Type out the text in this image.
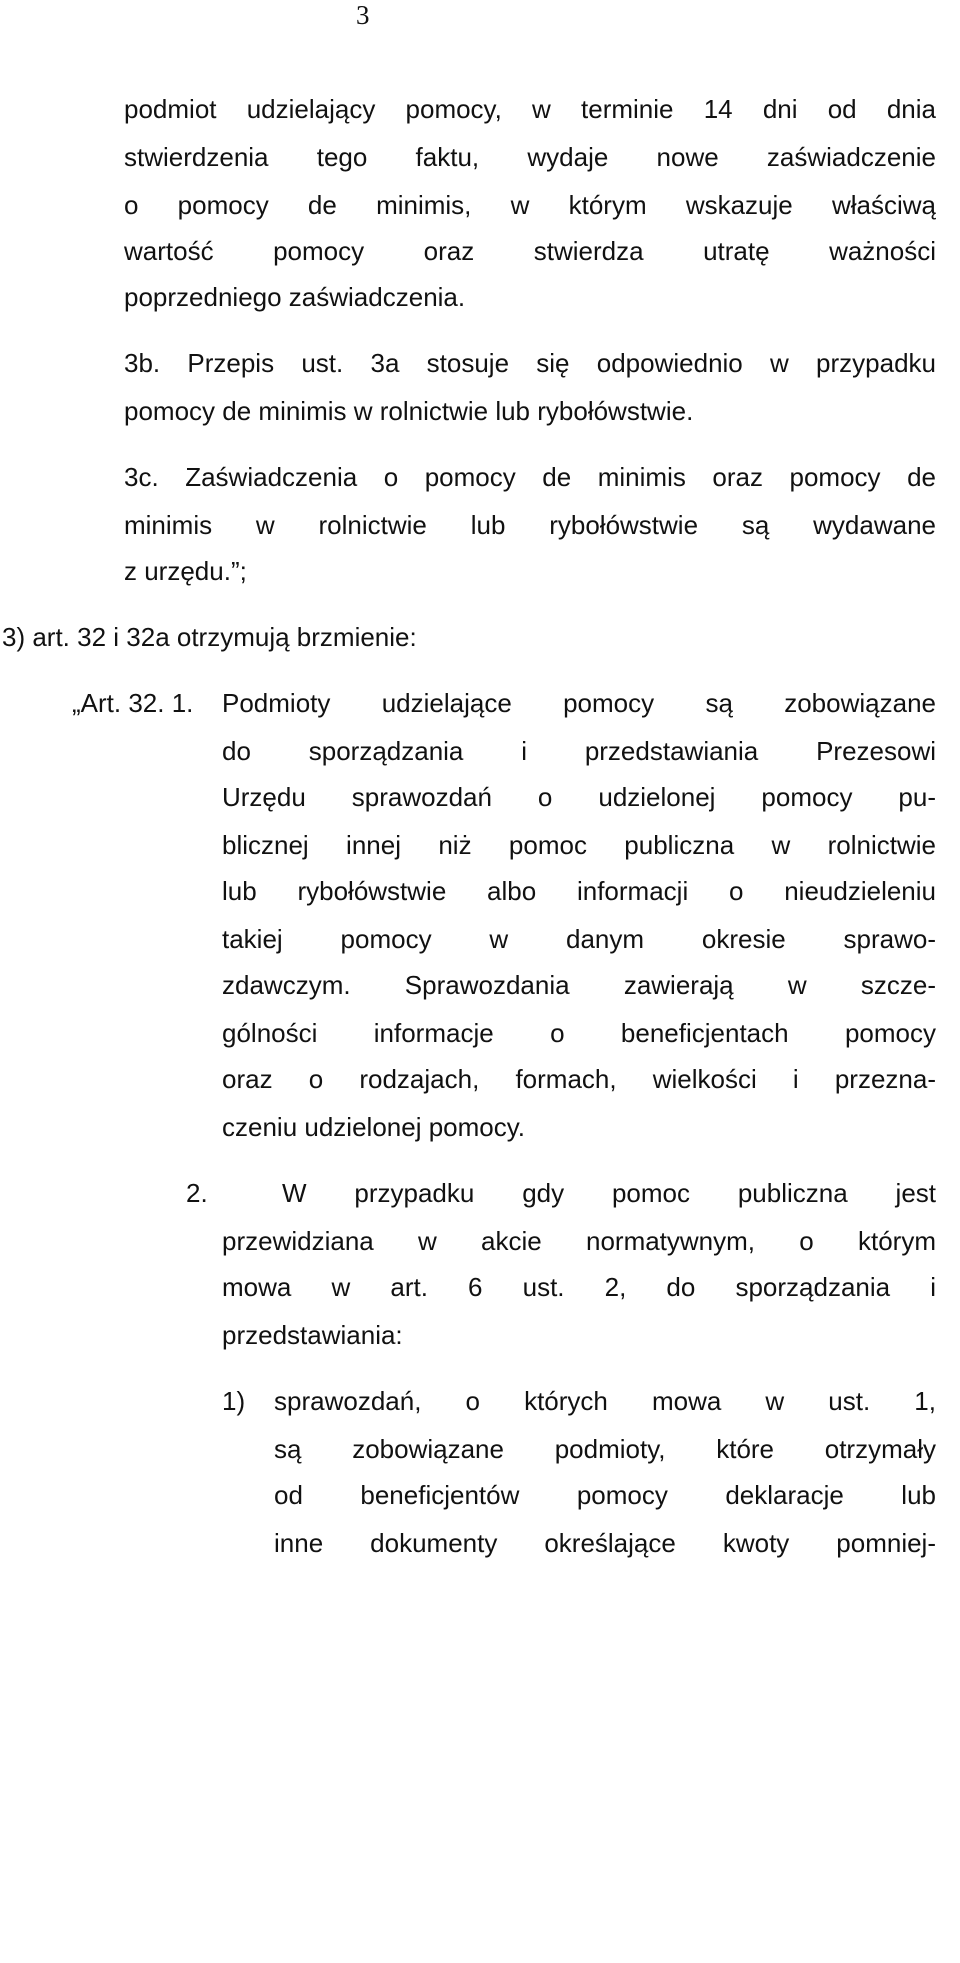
3
podmiot udzielający pomocy, w terminie 14 dni od dnia
stwierdzenia tego faktu, wydaje nowe zaświadczenie
o pomocy de minimis, w którym wskazuje właściwą
wartość pomocy oraz stwierdza utratę ważności
poprzedniego zaświadczenia.
3b. Przepis ust. 3a stosuje się odpowiednio w przypadku
pomocy de minimis w rolnictwie lub rybołówstwie.
3c. Zaświadczenia o pomocy de minimis oraz pomocy de
minimis w rolnictwie lub rybołówstwie są wydawane
z urzędu.”;
3) art. 32 i 32a otrzymują brzmienie:
„Art. 32. 1. Podmioty udzielające pomocy są zobowiązane
do sporządzania i przedstawiania Prezesowi
Urzędu sprawozdań o udzielonej pomocy pu-
blicznej innej niż pomoc publiczna w rolnictwie
lub rybołówstwie albo informacji o nieudzieleniu
takiej pomocy w danym okresie sprawo-
zdawczym. Sprawozdania zawierają w szcze-
gólności informacje o beneficjentach pomocy
oraz o rodzajach, formach, wielkości i przezna-
czeniu udzielonej pomocy.
2.	W przypadku gdy pomoc publiczna jest
przewidziana w akcie normatywnym, o którym
mowa w art. 6 ust. 2, do sporządzania i
przedstawiania:
1) sprawozdań, o których mowa w ust. 1,
są zobowiązane podmioty, które otrzymały
od beneficjentów pomocy deklaracje lub
inne dokumenty określające kwoty pomniej-
